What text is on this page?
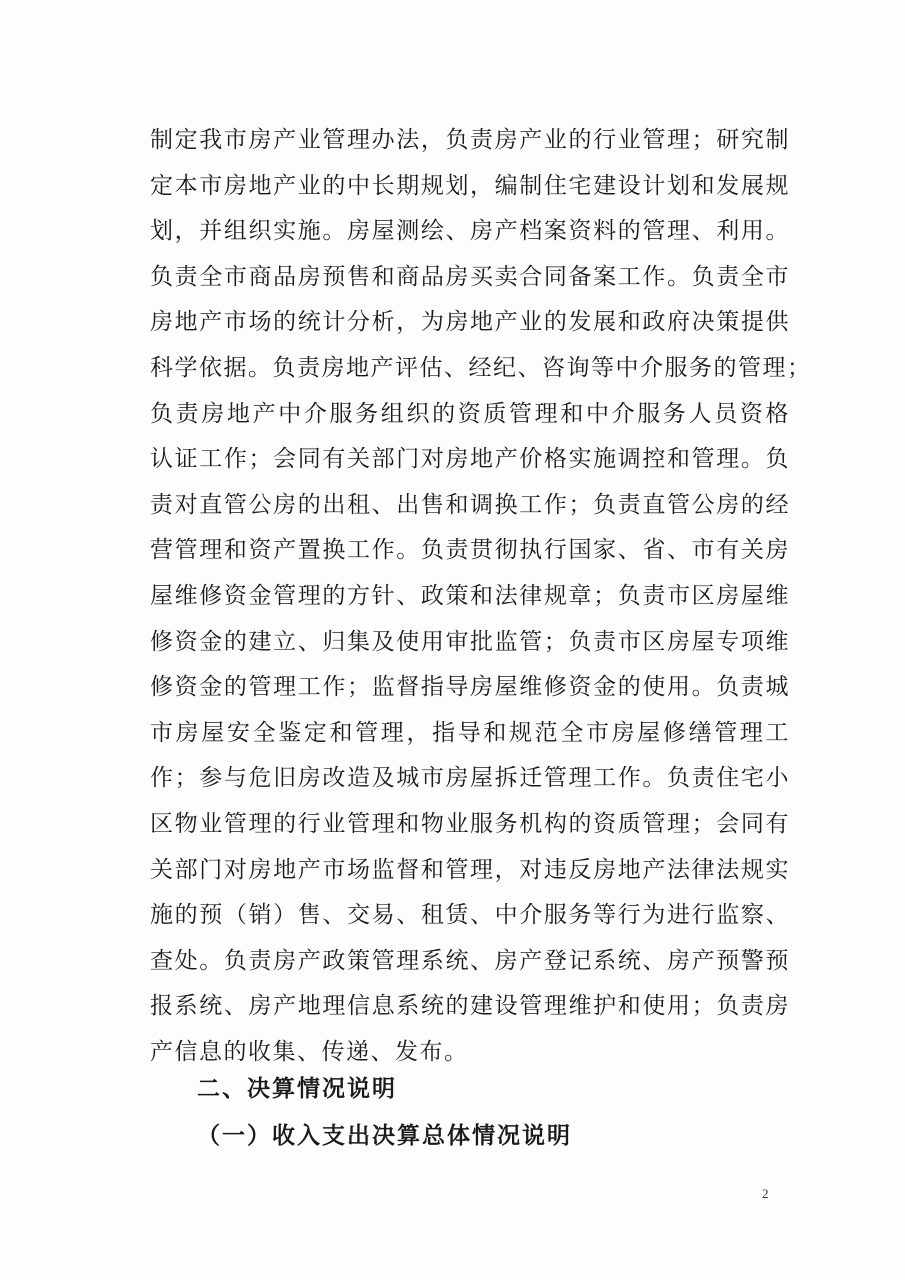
制定我市房产业管理办法，负责房产业的行业管理；研究制
定本市房地产业的中长期规划，编制住宅建设计划和发展规
划，并组织实施。房屋测绘、房产档案资料的管理、利用。
负责全市商品房预售和商品房买卖合同备案工作。负责全市
房地产市场的统计分析，为房地产业的发展和政府决策提供
科学依据。负责房地产评估、经纪、咨询等中介服务的管理；
负责房地产中介服务组织的资质管理和中介服务人员资格
认证工作；会同有关部门对房地产价格实施调控和管理。负
责对直管公房的出租、出售和调换工作；负责直管公房的经
营管理和资产置换工作。负责贯彻执行国家、省、市有关房
屋维修资金管理的方针、政策和法律规章；负责市区房屋维
修资金的建立、归集及使用审批监管；负责市区房屋专项维
修资金的管理工作；监督指导房屋维修资金的使用。负责城
市房屋安全鉴定和管理，指导和规范全市房屋修缮管理工
作；参与危旧房改造及城市房屋拆迁管理工作。负责住宅小
区物业管理的行业管理和物业服务机构的资质管理；会同有
关部门对房地产市场监督和管理，对违反房地产法律法规实
施的预（销）售、交易、租赁、中介服务等行为进行监察、
查处。负责房产政策管理系统、房产登记系统、房产预警预
报系统、房产地理信息系统的建设管理维护和使用；负责房
产信息的收集、传递、发布。
二、决算情况说明
（一）收入支出决算总体情况说明
2
